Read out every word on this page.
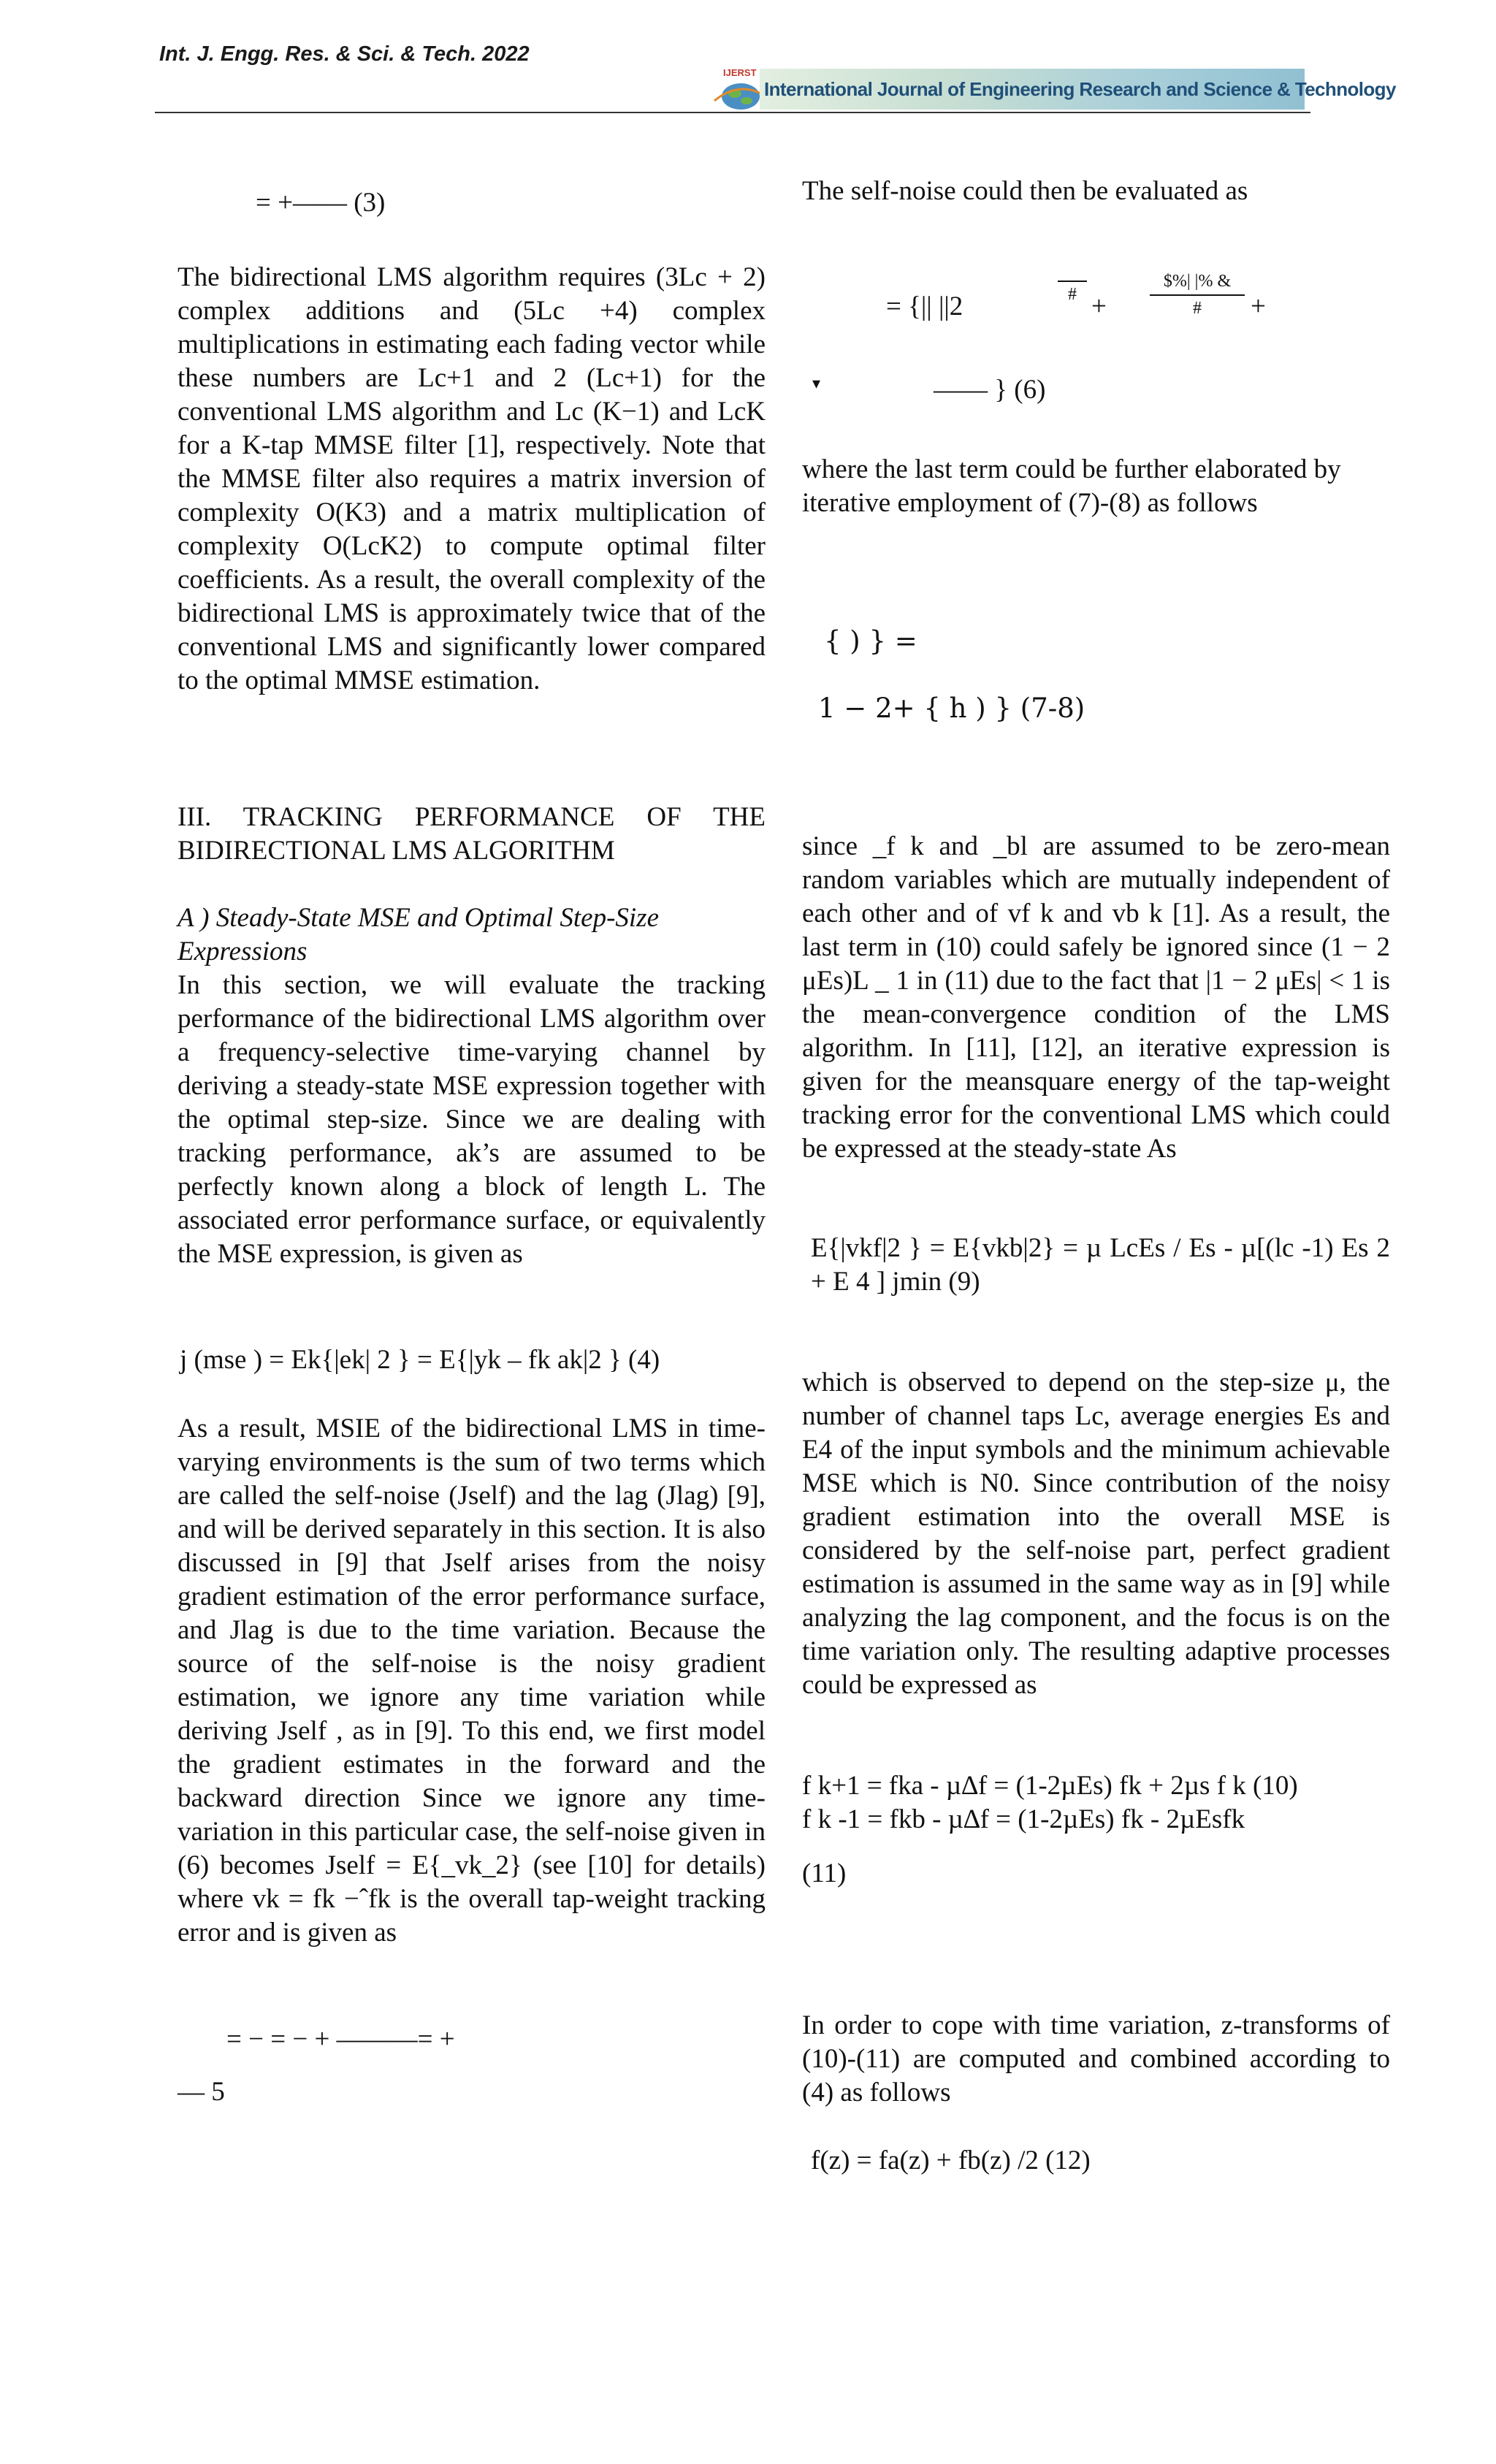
Int. J. Engg. Res. & Sci. & Tech. 2022
IJERST
International Journal of Engineering Research and Science & Technology
= +—— (3)

The bidirectional LMS algorithm requires (3Lc + 2) complex additions and (5Lc +4) complex multiplications in estimating each fading vector while these numbers are Lc+1 and 2 (Lc+1) for the conventional LMS algorithm and Lc (K−1) and LcK for a K-tap MMSE filter [1], respectively. Note that the MMSE filter also requires a matrix inversion of complexity O(K3) and a matrix multiplication of complexity O(LcK2) to compute optimal filter coefficients. As a result, the overall complexity of the bidirectional LMS is approximately twice that of the conventional LMS and significantly lower compared to the optimal MMSE estimation.

III. TRACKING PERFORMANCE OF THE BIDIRECTIONAL LMS ALGORITHM

A ) Steady-State MSE and Optimal Step-Size Expressions

In this section, we will evaluate the tracking performance of the bidirectional LMS algorithm over a frequency-selective time-varying channel by deriving a steady-state MSE expression together with the optimal step-size. Since we are dealing with tracking performance, ak’s are assumed to be perfectly known along a block of length L. The associated error performance surface, or equivalently the MSE expression, is given as

j (mse ) = Ek{|ek| 2 } = E{|yk – fk ak|2 } (4)

As a result, MSIE of the bidirectional LMS in time-varying environments is the sum of two terms which are called the self-noise (Jself) and the lag (Jlag) [9], and will be derived separately in this section. It is also discussed in [9] that Jself arises from the noisy gradient estimation of the error performance surface, and Jlag is due to the time variation. Because the source of the self-noise is the noisy gradient estimation, we ignore any time variation while deriving Jself , as in [9]. To this end, we first model the gradient estimates in the forward and the backward direction Since we ignore any time-variation in this particular case, the self-noise given in (6) becomes Jself = E{_vk_2} (see [10] for details) where vk = fk −ˆfk is the overall tap-weight tracking error and is given as

= − = − + ———= +
— 5
The self-noise could then be evaluated as
= {|| ||2	# +
$%| |% &
#	+
▾	—— } (6)

where the last term could be further elaborated by iterative employment of (7)-(8) as follows

{ ) } =
1 − 2+ { h ) } (7-8)

since _f k and _bl are assumed to be zero-mean random variables which are mutually independent of each other and of vf k and vb k [1]. As a result, the last term in (10) could safely be ignored since (1 − 2 μEs)L _ 1 in (11) due to the fact that |1 − 2 μEs| < 1 is the mean-convergence condition of the LMS algorithm. In [11], [12], an iterative expression is given for the meansquare energy of the tap-weight tracking error for the conventional LMS which could be expressed at the steady-state As

E{|vkf|2 } = E{vkb|2} = µ LcEs / Es - µ[(lc -1) Es 2 + E 4 ] jmin (9)

which is observed to depend on the step-size μ, the number of channel taps Lc, average energies Es and E4 of the input symbols and the minimum achievable MSE which is N0. Since contribution of the noisy gradient estimation into the overall MSE is considered by the self-noise part, perfect gradient estimation is assumed in the same way as in [9] while analyzing the lag component, and the focus is on the time variation only. The resulting adaptive processes could be expressed as

f k+1 = fka - µ∆f = (1-2µEs) fk + 2µs f k (10)

f k -1 = fkb - µ∆f = (1-2µEs) fk - 2µEsfk

(11)

In order to cope with time variation, z-transforms of (10)-(11) are computed and combined according to (4) as follows

f(z) = fa(z) + fb(z) /2 (12)
